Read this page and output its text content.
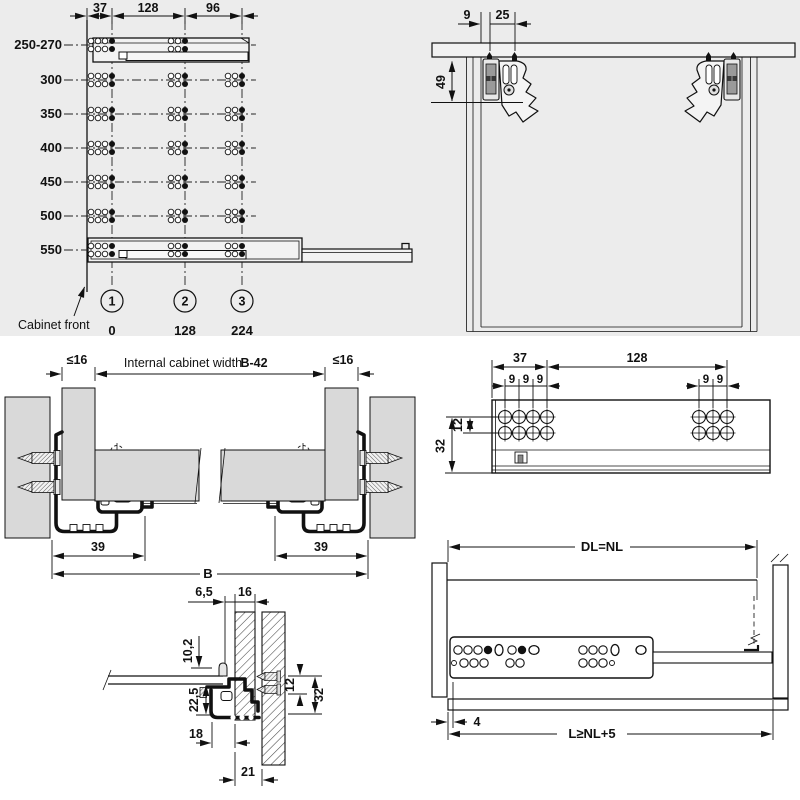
37 128	96
250-270
300
350
400
450
500
550
1	2	3
0	128	224
Cabinet front
9 25
49
≤16	Internal cabinet width
B-42	≤16
39	39
B
37	128
9 9 9	9 9
12
32
6,5 16
10,2
22,5
18
21
12
32
DL=NL
4
L≥NL+5
